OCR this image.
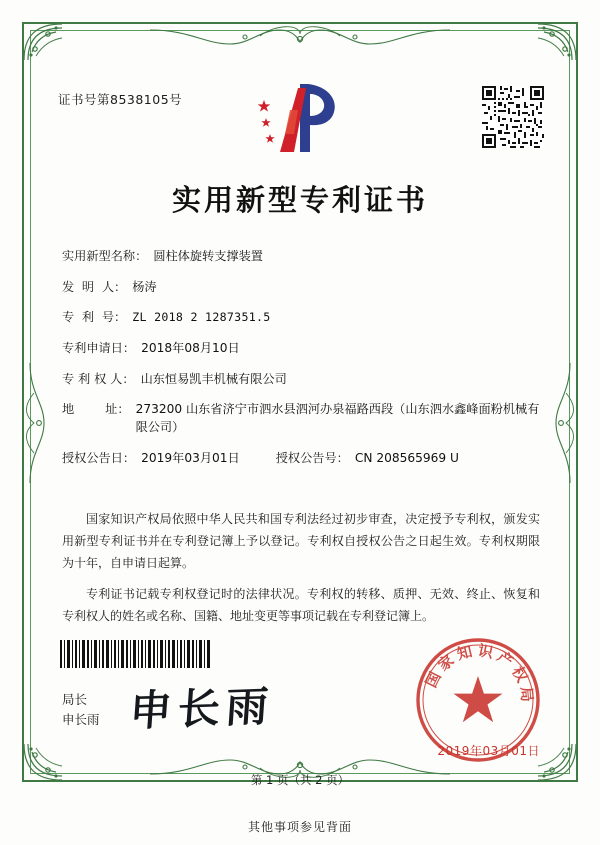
证书号第8538105号
实用新型专利证书
实用新型名称： 圆柱体旋转支撑装置
发  明  人： 杨涛
专  利  号： ZL 2018 2 1287351.5
专利申请日： 2018年08月10日
专 利 权 人： 山东恒易凯丰机械有限公司
地        址： 273200 山东省济宁市泗水县泗河办泉福路西段（山东泗水鑫峰面粉机械有限公司）
授权公告日： 2019年03月01日	授权公告号： CN 208565969 U

国家知识产权局依照中华人民共和国专利法经过初步审查，决定授予专利权，颁发实用新型专利证书并在专利登记簿上予以登记。专利权自授权公告之日起生效。专利权期限为十年，自申请日起算。

专利证书记载专利权登记时的法律状况。专利权的转移、质押、无效、终止、恢复和专利权人的姓名或名称、国籍、地址变更等事项记载在专利登记簿上。

局长
申长雨 申长雨
国家知识产权局
2019年03月01日
第 1 页（共 2 页）
其他事项参见背面
